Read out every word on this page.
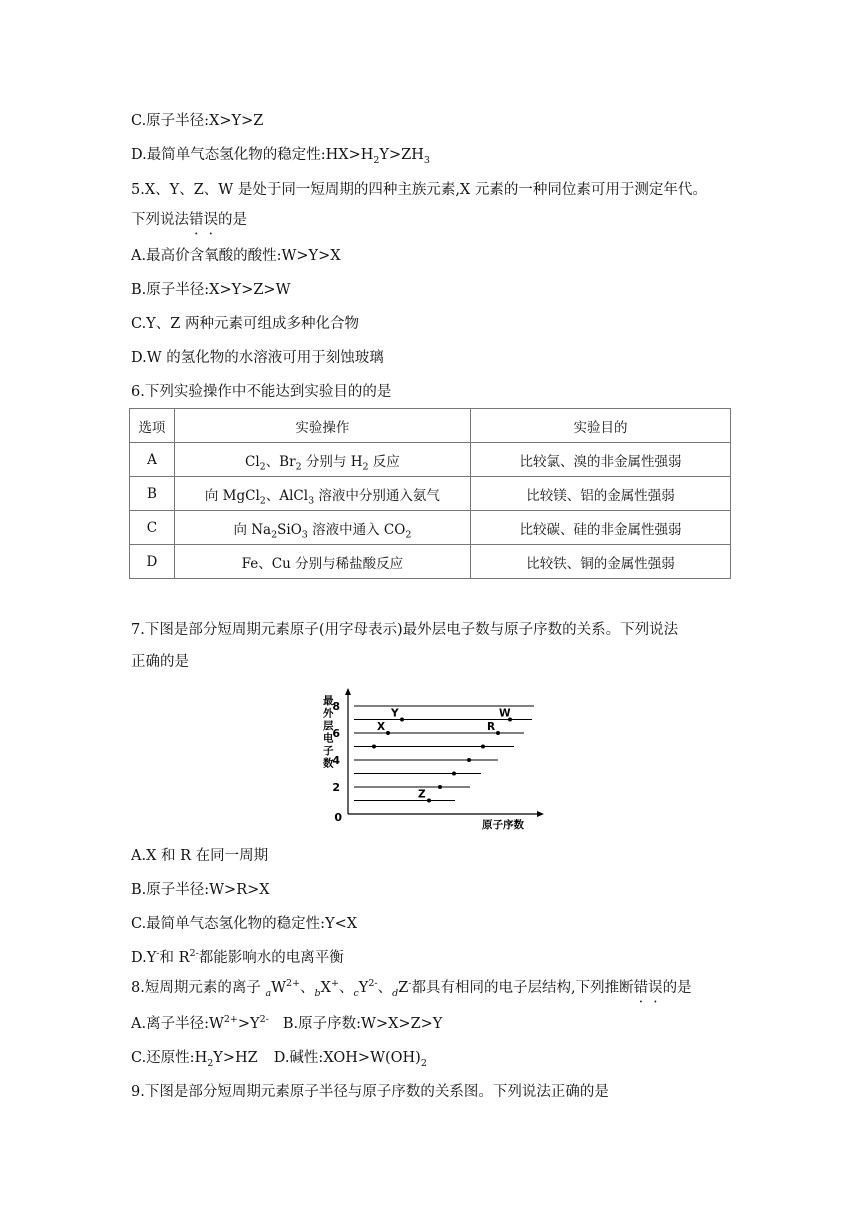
C.原子半径:X>Y>Z
D.最简单气态氢化物的稳定性$:HX>H_2Y>ZH_3$
5.X、Y、Z、W 是处于同一短周期的四种主族元素,X 元素的一种同位素可用于测定年代。
下列说法错误的是
A.最高价含氧酸的酸性:W>Y>X
B.原子半径:X>Y>Z>W
C.Y、Z 两种元素可组成多种化合物
D.W 的氢化物的水溶液可用于刻蚀玻璃
6.下列实验操作中不能达到实验目的的是
选项	实验操作	实验目的
A	$Cl_2$、$Br_2$ 分别与 $H_2$ 反应	比较氯、溴的非金属性强弱
B	向 MgCl$_2$、AlCl$_3$ 溶液中分别通入氨气	比较镁、铝的金属性强弱
C	向 $Na_2SiO_3$ 溶液中通入 $CO_2$	比较碳、硅的非金属性强弱
D	Fe、Cu 分别与稀盐酸反应	比较铁、铜的金属性强弱
7.下图是部分短周期元素原子(用字母表示)最外层电子数与原子序数的关系。下列说法
正确的是
最
外
层
电
子
数
0
2
4
6
8
Z
R
W
X
Y
原子序数
A.X 和 R 在同一周期
B.原子半径:W>R>X
C.最简单气态氢化物的稳定性:Y<X
D.Y-和 $R^{2-}$都能影响水的电离平衡
8.短周期元素的离子 $_aW^{2+}$、$_b$X+、$_cY^{2-}$、$_d$Z-都具有相同的电子层结构,下列推断错误的是
A.离子半径$:W^{2+}>Y^{2-}$ B.原子序数:W>X>Z>Y
C.还原性$:H_2Y>HZ$ D.碱性$:XOH>W(OH)_2$
9.下图是部分短周期元素原子半径与原子序数的关系图。下列说法正确的是
